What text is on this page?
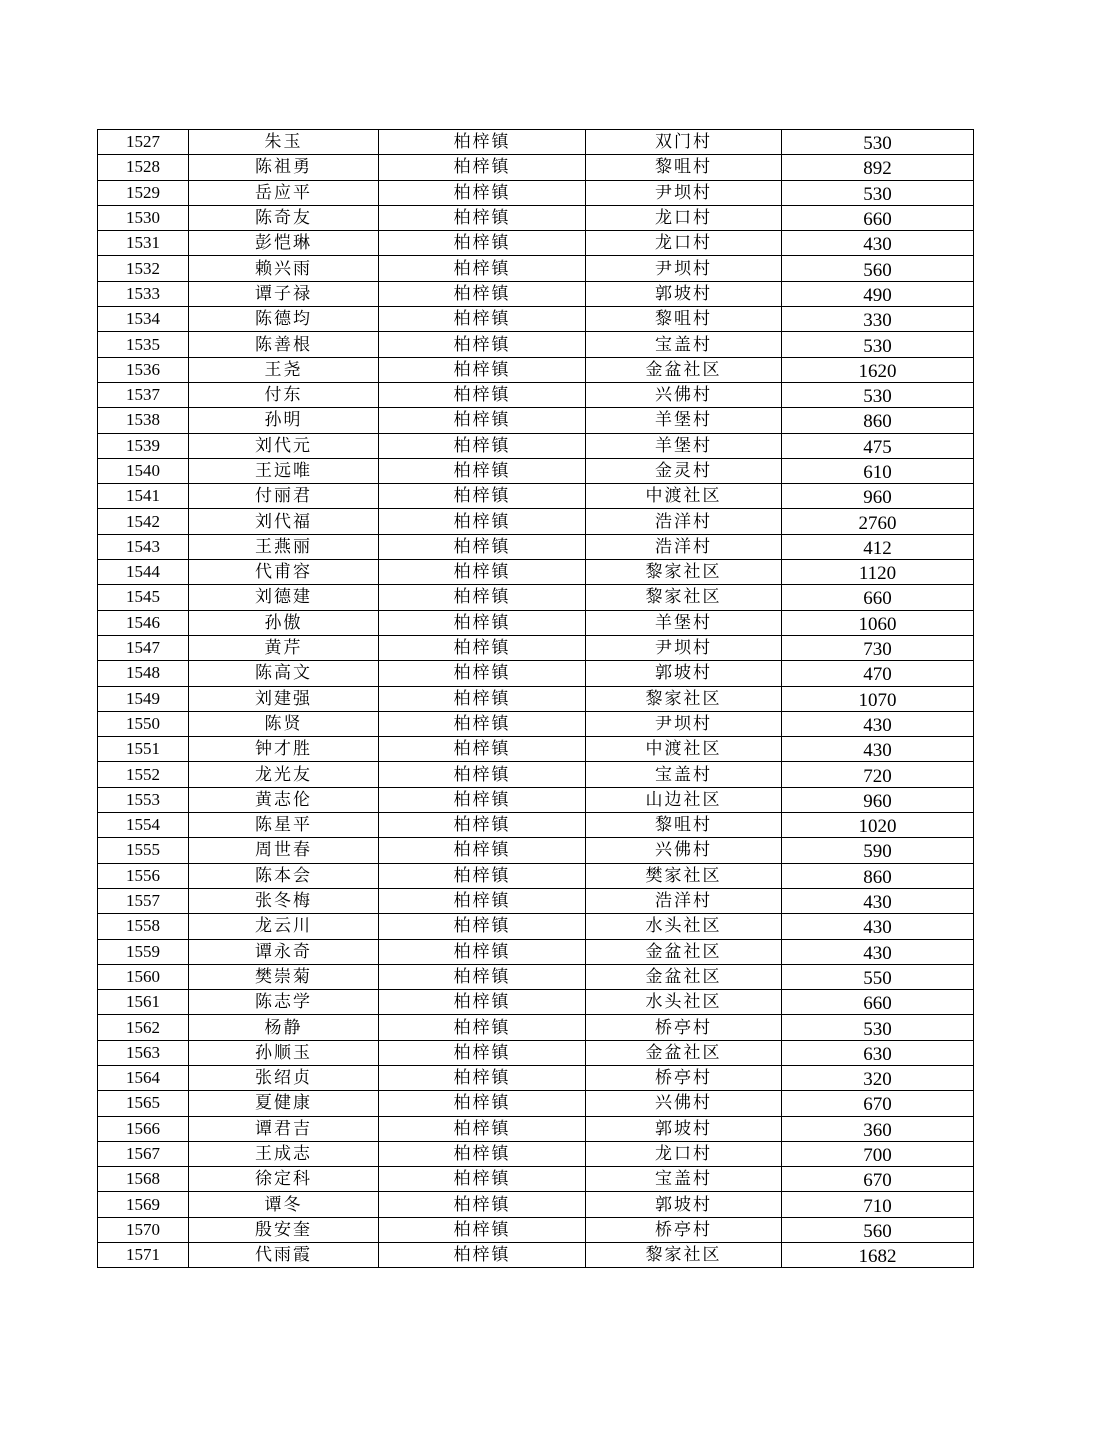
1527	朱玉	柏梓镇	双门村	530
1528	陈祖勇	柏梓镇	黎咀村	892
1529	岳应平	柏梓镇	尹坝村	530
1530	陈奇友	柏梓镇	龙口村	660
1531	彭恺琳	柏梓镇	龙口村	430
1532	赖兴雨	柏梓镇	尹坝村	560
1533	谭子禄	柏梓镇	郭坡村	490
1534	陈德均	柏梓镇	黎咀村	330
1535	陈善根	柏梓镇	宝盖村	530
1536	王尧	柏梓镇	金盆社区	1620
1537	付东	柏梓镇	兴佛村	530
1538	孙明	柏梓镇	羊堡村	860
1539	刘代元	柏梓镇	羊堡村	475
1540	王远唯	柏梓镇	金灵村	610
1541	付丽君	柏梓镇	中渡社区	960
1542	刘代福	柏梓镇	浩洋村	2760
1543	王燕丽	柏梓镇	浩洋村	412
1544	代甫容	柏梓镇	黎家社区	1120
1545	刘德建	柏梓镇	黎家社区	660
1546	孙傲	柏梓镇	羊堡村	1060
1547	黄芹	柏梓镇	尹坝村	730
1548	陈高文	柏梓镇	郭坡村	470
1549	刘建强	柏梓镇	黎家社区	1070
1550	陈贤	柏梓镇	尹坝村	430
1551	钟才胜	柏梓镇	中渡社区	430
1552	龙光友	柏梓镇	宝盖村	720
1553	黄志伦	柏梓镇	山边社区	960
1554	陈星平	柏梓镇	黎咀村	1020
1555	周世春	柏梓镇	兴佛村	590
1556	陈本会	柏梓镇	樊家社区	860
1557	张冬梅	柏梓镇	浩洋村	430
1558	龙云川	柏梓镇	水头社区	430
1559	谭永奇	柏梓镇	金盆社区	430
1560	樊崇菊	柏梓镇	金盆社区	550
1561	陈志学	柏梓镇	水头社区	660
1562	杨静	柏梓镇	桥亭村	530
1563	孙顺玉	柏梓镇	金盆社区	630
1564	张绍贞	柏梓镇	桥亭村	320
1565	夏健康	柏梓镇	兴佛村	670
1566	谭君吉	柏梓镇	郭坡村	360
1567	王成志	柏梓镇	龙口村	700
1568	徐定科	柏梓镇	宝盖村	670
1569	谭冬	柏梓镇	郭坡村	710
1570	殷安奎	柏梓镇	桥亭村	560
1571	代雨霞	柏梓镇	黎家社区	1682
